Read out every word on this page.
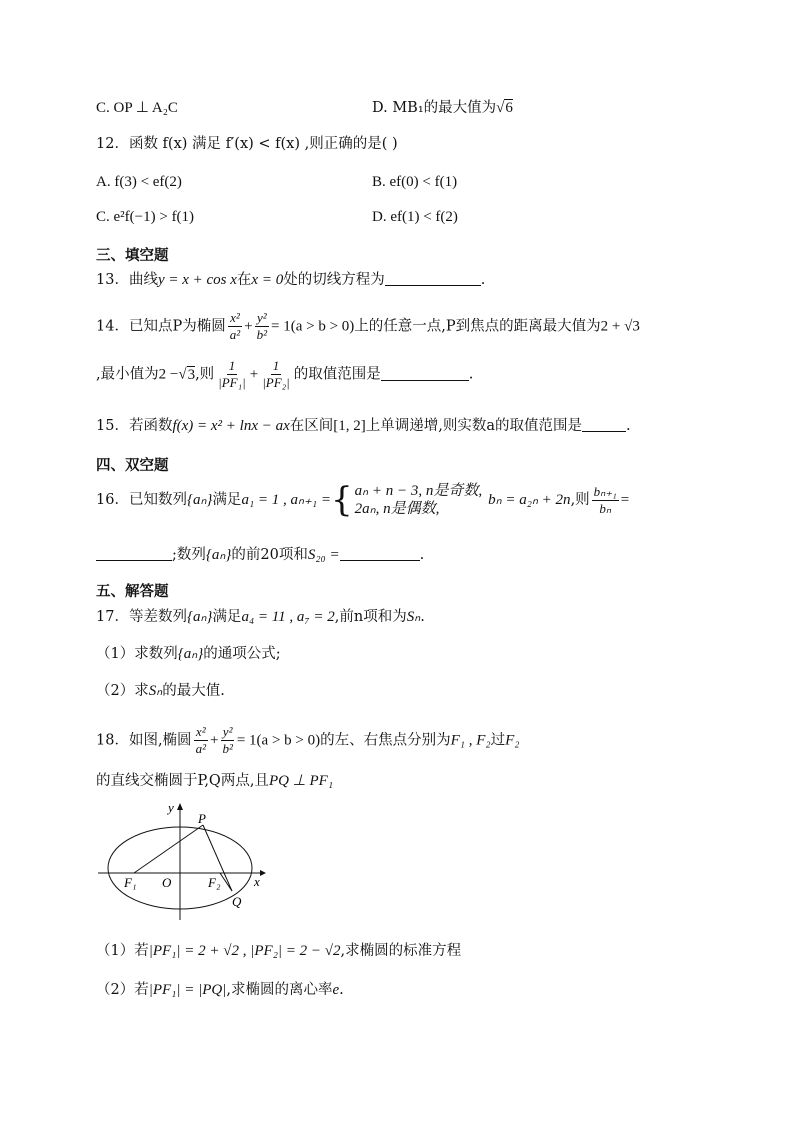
C. OP ⊥ A₂C	D. MB₁的最大值为√6
12．函数 f(x) 满足 f′(x) < f(x) ,则正确的是( )
A. f(3) < ef(2)	B. ef(0) < f(1)
C. e²f(−1) > f(1)	D. ef(1) < f(2)
三、填空题
13．曲线y = x + cos x在x = 0处的切线方程为	.
14．已知点P为椭圆 $\frac{\text{x²}}{\text{a²}} + \frac{\text{y²}}{\text{b²}} = 1(a > b > 0)$上的任意一点,P到焦点的距离最大值为2 + √3
,最小值为2 −√3,则 $\frac{1}{\text{|PF₁|}} + \frac{1}{\text{|PF₂|}}$ 的取值范围是	.
15．若函数f(x) = x² + lnx − ax在区间[1, 2]上单调递增,则实数a的取值范围是	.
四、双空题
16．已知数列{aₙ}满足a₁ = 1 , aₙ₊₁ = { aₙ + n − 3, n是奇数,
2aₙ, n是偶数,
bₙ = a₂ₙ + 2n,则 $\frac{\text{bₙ₊₁}}{\text{bₙ}}$ =
;数列{aₙ}的前20项和S₂₀ =	.
五、解答题
17．等差数列{aₙ}满足a₄ = 11 , a₇ = 2,前n项和为Sₙ.
（1）求数列{aₙ}的通项公式;
（2）求Sₙ的最大值.
18．如图,椭圆 $\frac{\text{x²}}{\text{a²}} + \frac{\text{y²}}{\text{b²}} = 1(a > b > 0)$的左、右焦点分别为F₁ , F₂过F₂
的直线交椭圆于P,Q两点,且PQ ⊥ PF₁
y
x
P
Q
O
F₁	F₂
（1）若|PF₁| = 2 + √2 , |PF₂| = 2 − √2,求椭圆的标准方程
（2）若|PF₁| = |PQ|,求椭圆的离心率e.
